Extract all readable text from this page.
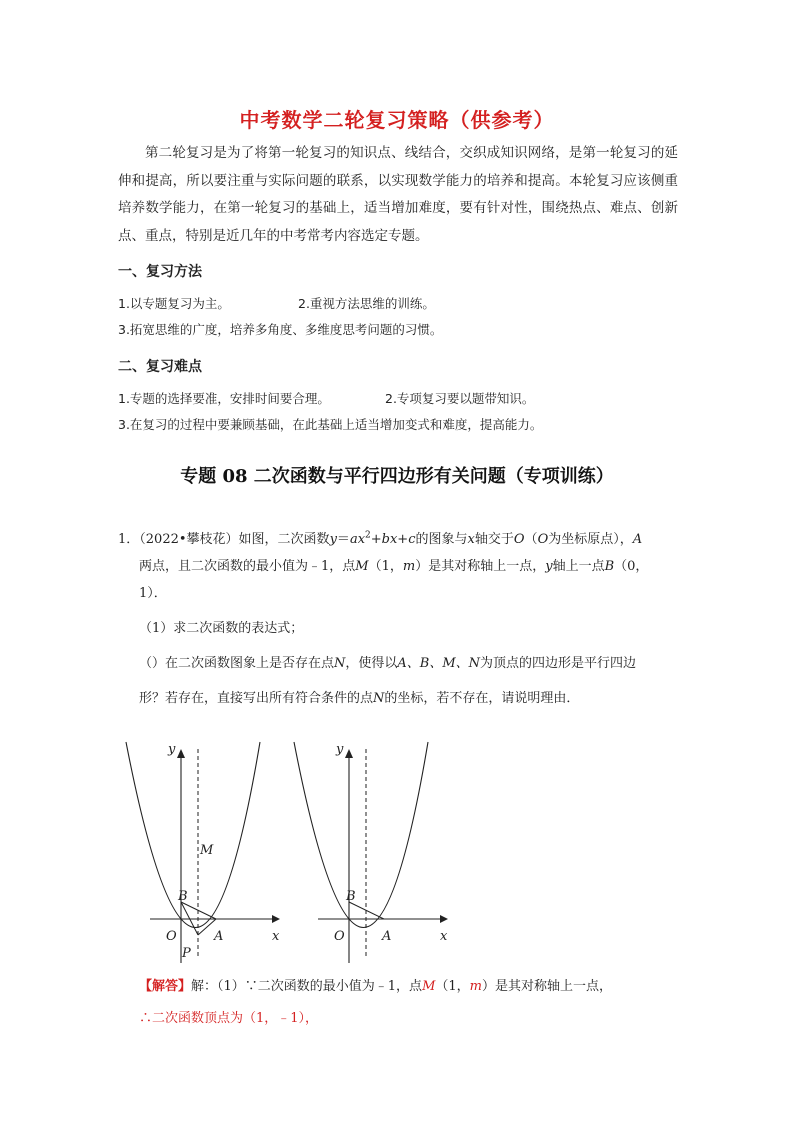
中考数学二轮复习策略（供参考）
第二轮复习是为了将第一轮复习的知识点、线结合，交织成知识网络，是第一轮复习的延伸和提高，所以要注重与实际问题的联系，以实现数学能力的培养和提高。本轮复习应该侧重培养数学能力，在第一轮复习的基础上，适当增加难度，要有针对性，围绕热点、难点、创新点、重点，特别是近几年的中考常考内容选定专题。
一、复习方法
1.以专题复习为主。	2.重视方法思维的训练。
3.拓宽思维的广度，培养多角度、多维度思考问题的习惯。
二、复习难点
1.专题的选择要准，安排时间要合理。	2.专项复习要以题带知识。
3.在复习的过程中要兼顾基础，在此基础上适当增加变式和难度，提高能力。
专题 08 二次函数与平行四边形有关问题（专项训练）
1．（2022•攀枝花）如图，二次函数$y=ax^2+bx+c$的图象与x轴交于O（O为坐标原点），A
两点，且二次函数的最小值为﹣1，点M（1，m）是其对称轴上一点，y轴上一点B（0，
1）．
（1）求二次函数的表达式；
（）在二次函数图象上是否存在点N，使得以A、B、M、N为顶点的四边形是平行四边
形？若存在，直接写出所有符合条件的点N的坐标，若不存在，请说明理由．
y
x
M
B
O	A
P
y
x
B
O	A
【解答】解：（1）∵二次函数的最小值为﹣1，点M（1，m）是其对称轴上一点，
∴二次函数顶点为（1，﹣1），
